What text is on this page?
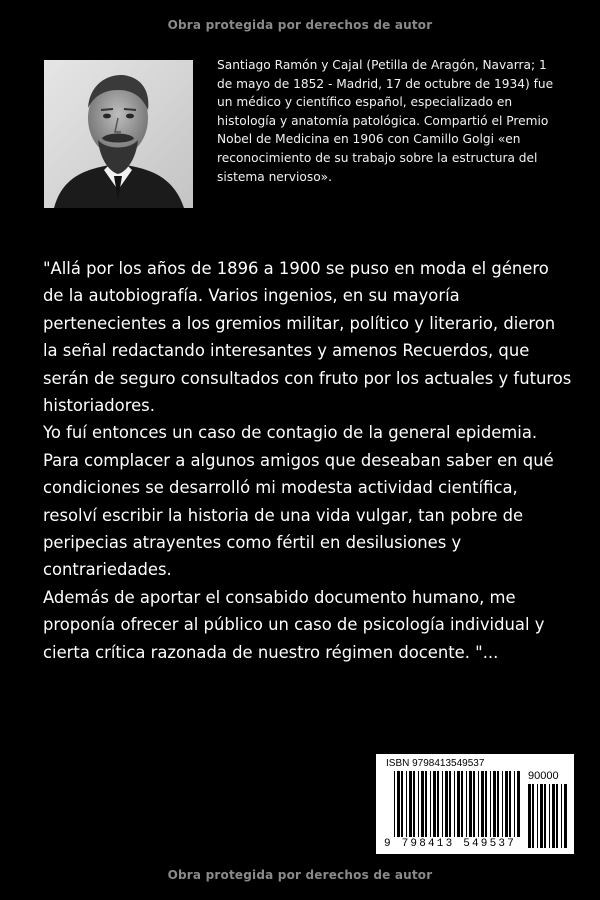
Obra protegida por derechos de autor
Santiago Ramón y Cajal (Petilla de Aragón, Navarra; 1 de mayo de 1852 - Madrid, 17 de octubre de 1934) fue un médico y científico español, especializado en histología y anatomía patológica. Compartió el Premio Nobel de Medicina en 1906 con Camillo Golgi «en reconocimiento de su trabajo sobre la estructura del sistema nervioso».

"Allá por los años de 1896 a 1900 se puso en moda el género de la autobiografía. Varios ingenios, en su mayoría pertenecientes a los gremios militar, político y literario, dieron la señal redactando interesantes y amenos Recuerdos, que serán de seguro consultados con fruto por los actuales y futuros historiadores.

Yo fuí entonces un caso de contagio de la general epidemia. Para complacer a algunos amigos que deseaban saber en qué condiciones se desarrolló mi modesta actividad científica, resolví escribir la historia de una vida vulgar, tan pobre de peripecias atrayentes como fértil en desilusiones y contrariedades.

Además de aportar el consabido documento humano, me proponía ofrecer al público un caso de psicología individual y cierta crítica razonada de nuestro régimen docente. "...

ISBN 9798413549537
90000
9 798413 549537
Obra protegida por derechos de autor
